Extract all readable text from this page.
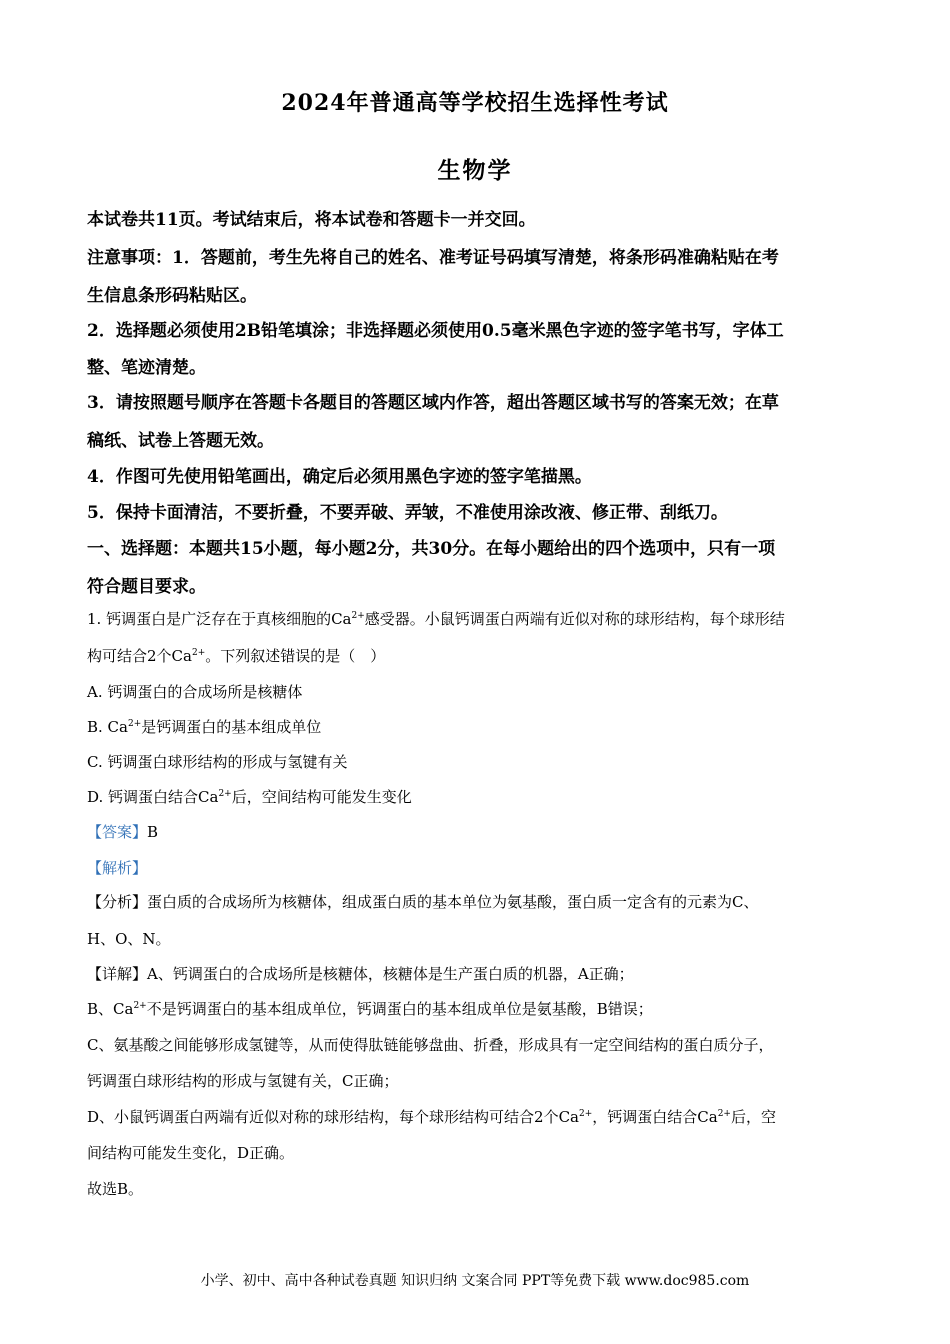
2024年普通高等学校招生选择性考试
生物学
本试卷共11页。考试结束后，将本试卷和答题卡一并交回。
注意事项：1．答题前，考生先将自己的姓名、准考证号码填写清楚，将条形码准确粘贴在考
生信息条形码粘贴区。
2．选择题必须使用2B铅笔填涂；非选择题必须使用0.5毫米黑色字迹的签字笔书写，字体工
整、笔迹清楚。
3．请按照题号顺序在答题卡各题目的答题区域内作答，超出答题区域书写的答案无效；在草
稿纸、试卷上答题无效。
4．作图可先使用铅笔画出，确定后必须用黑色字迹的签字笔描黑。
5．保持卡面清洁，不要折叠，不要弄破、弄皱，不准使用涂改液、修正带、刮纸刀。
一、选择题：本题共15小题，每小题2分，共30分。在每小题给出的四个选项中，只有一项
符合题目要求。
1. 钙调蛋白是广泛存在于真核细胞的$Ca^{2+}$感受器。小鼠钙调蛋白两端有近似对称的球形结构，每个球形结
构可结合2个$Ca^{2+}$。下列叙述错误的是（　）
A. 钙调蛋白的合成场所是核糖体
B. $Ca^{2+}$是钙调蛋白的基本组成单位
C. 钙调蛋白球形结构的形成与氢键有关
D. 钙调蛋白结合$Ca^{2+}$后，空间结构可能发生变化
【答案】B
【解析】
【分析】蛋白质的合成场所为核糖体，组成蛋白质的基本单位为氨基酸，蛋白质一定含有的元素为C、
H、O、N。
【详解】A、钙调蛋白的合成场所是核糖体，核糖体是生产蛋白质的机器，A正确；
B、$Ca^{2+}$不是钙调蛋白的基本组成单位，钙调蛋白的基本组成单位是氨基酸，B错误；
C、氨基酸之间能够形成氢键等，从而使得肽链能够盘曲、折叠，形成具有一定空间结构的蛋白质分子，
钙调蛋白球形结构的形成与氢键有关，C正确；
D、小鼠钙调蛋白两端有近似对称的球形结构，每个球形结构可结合2个$Ca^{2+}$，钙调蛋白结合$Ca^{2+}$后，空
间结构可能发生变化，D正确。
故选B。
小学、初中、高中各种试卷真题 知识归纳 文案合同 PPT等免费下载 www.doc985.com
